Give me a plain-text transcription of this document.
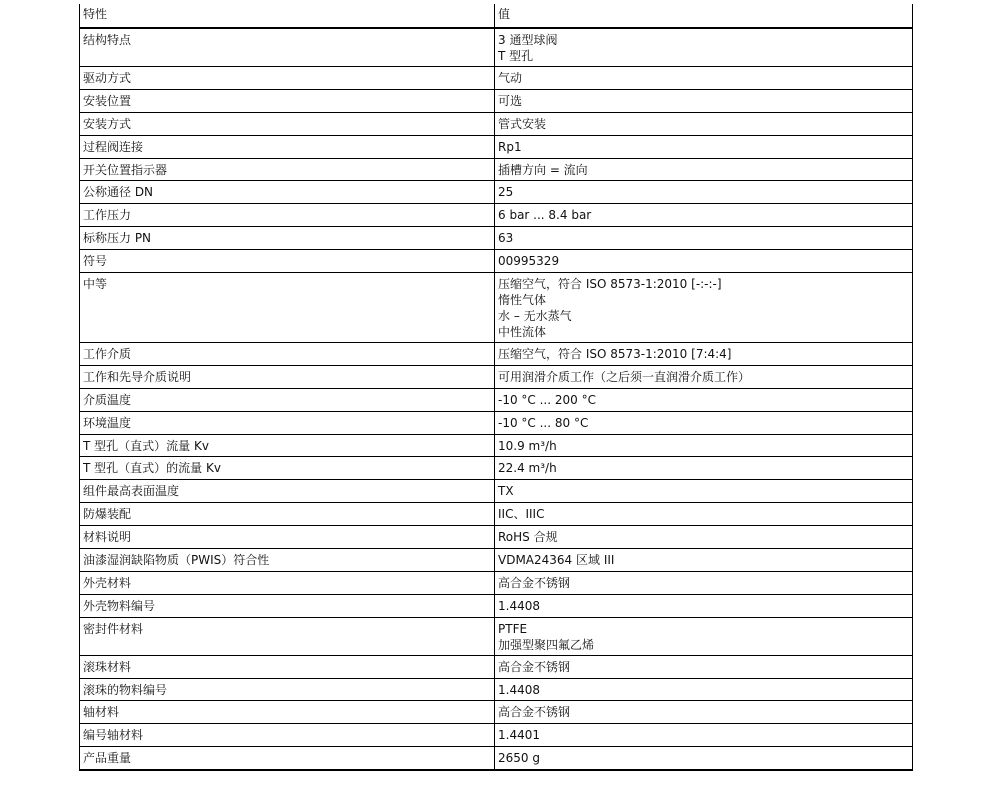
特性	值
结构特点	3 通型球阀
T 型孔

驱动方式	气动

安装位置	可选

安装方式	管式安装

过程阀连接	Rp1

开关位置指示器	插槽方向 = 流向

公称通径 DN	25

工作压力	6 bar ... 8.4 bar

标称压力 PN	63

符号	00995329

中等	压缩空气，符合 ISO 8573-1:2010 [-:-:-]
惰性气体
水 – 无水蒸气
中性流体

工作介质	压缩空气，符合 ISO 8573-1:2010 [7:4:4]

工作和先导介质说明	可用润滑介质工作（之后须一直润滑介质工作）

介质温度	-10 °C ... 200 °C

环境温度	-10 °C ... 80 °C

T 型孔（直式）流量 Kv	10.9 m³/h

T 型孔（直式）的流量 Kv	22.4 m³/h

组件最高表面温度	TX

防爆装配	IIC、IIIC

材料说明	RoHS 合规

油漆湿润缺陷物质（PWIS）符合性	VDMA24364 区域 III

外壳材料	高合金不锈钢

外壳物料编号	1.4408

密封件材料	PTFE
加强型聚四氟乙烯

滚珠材料	高合金不锈钢

滚珠的物料编号	1.4408

轴材料	高合金不锈钢

编号轴材料	1.4401

产品重量	2650 g
